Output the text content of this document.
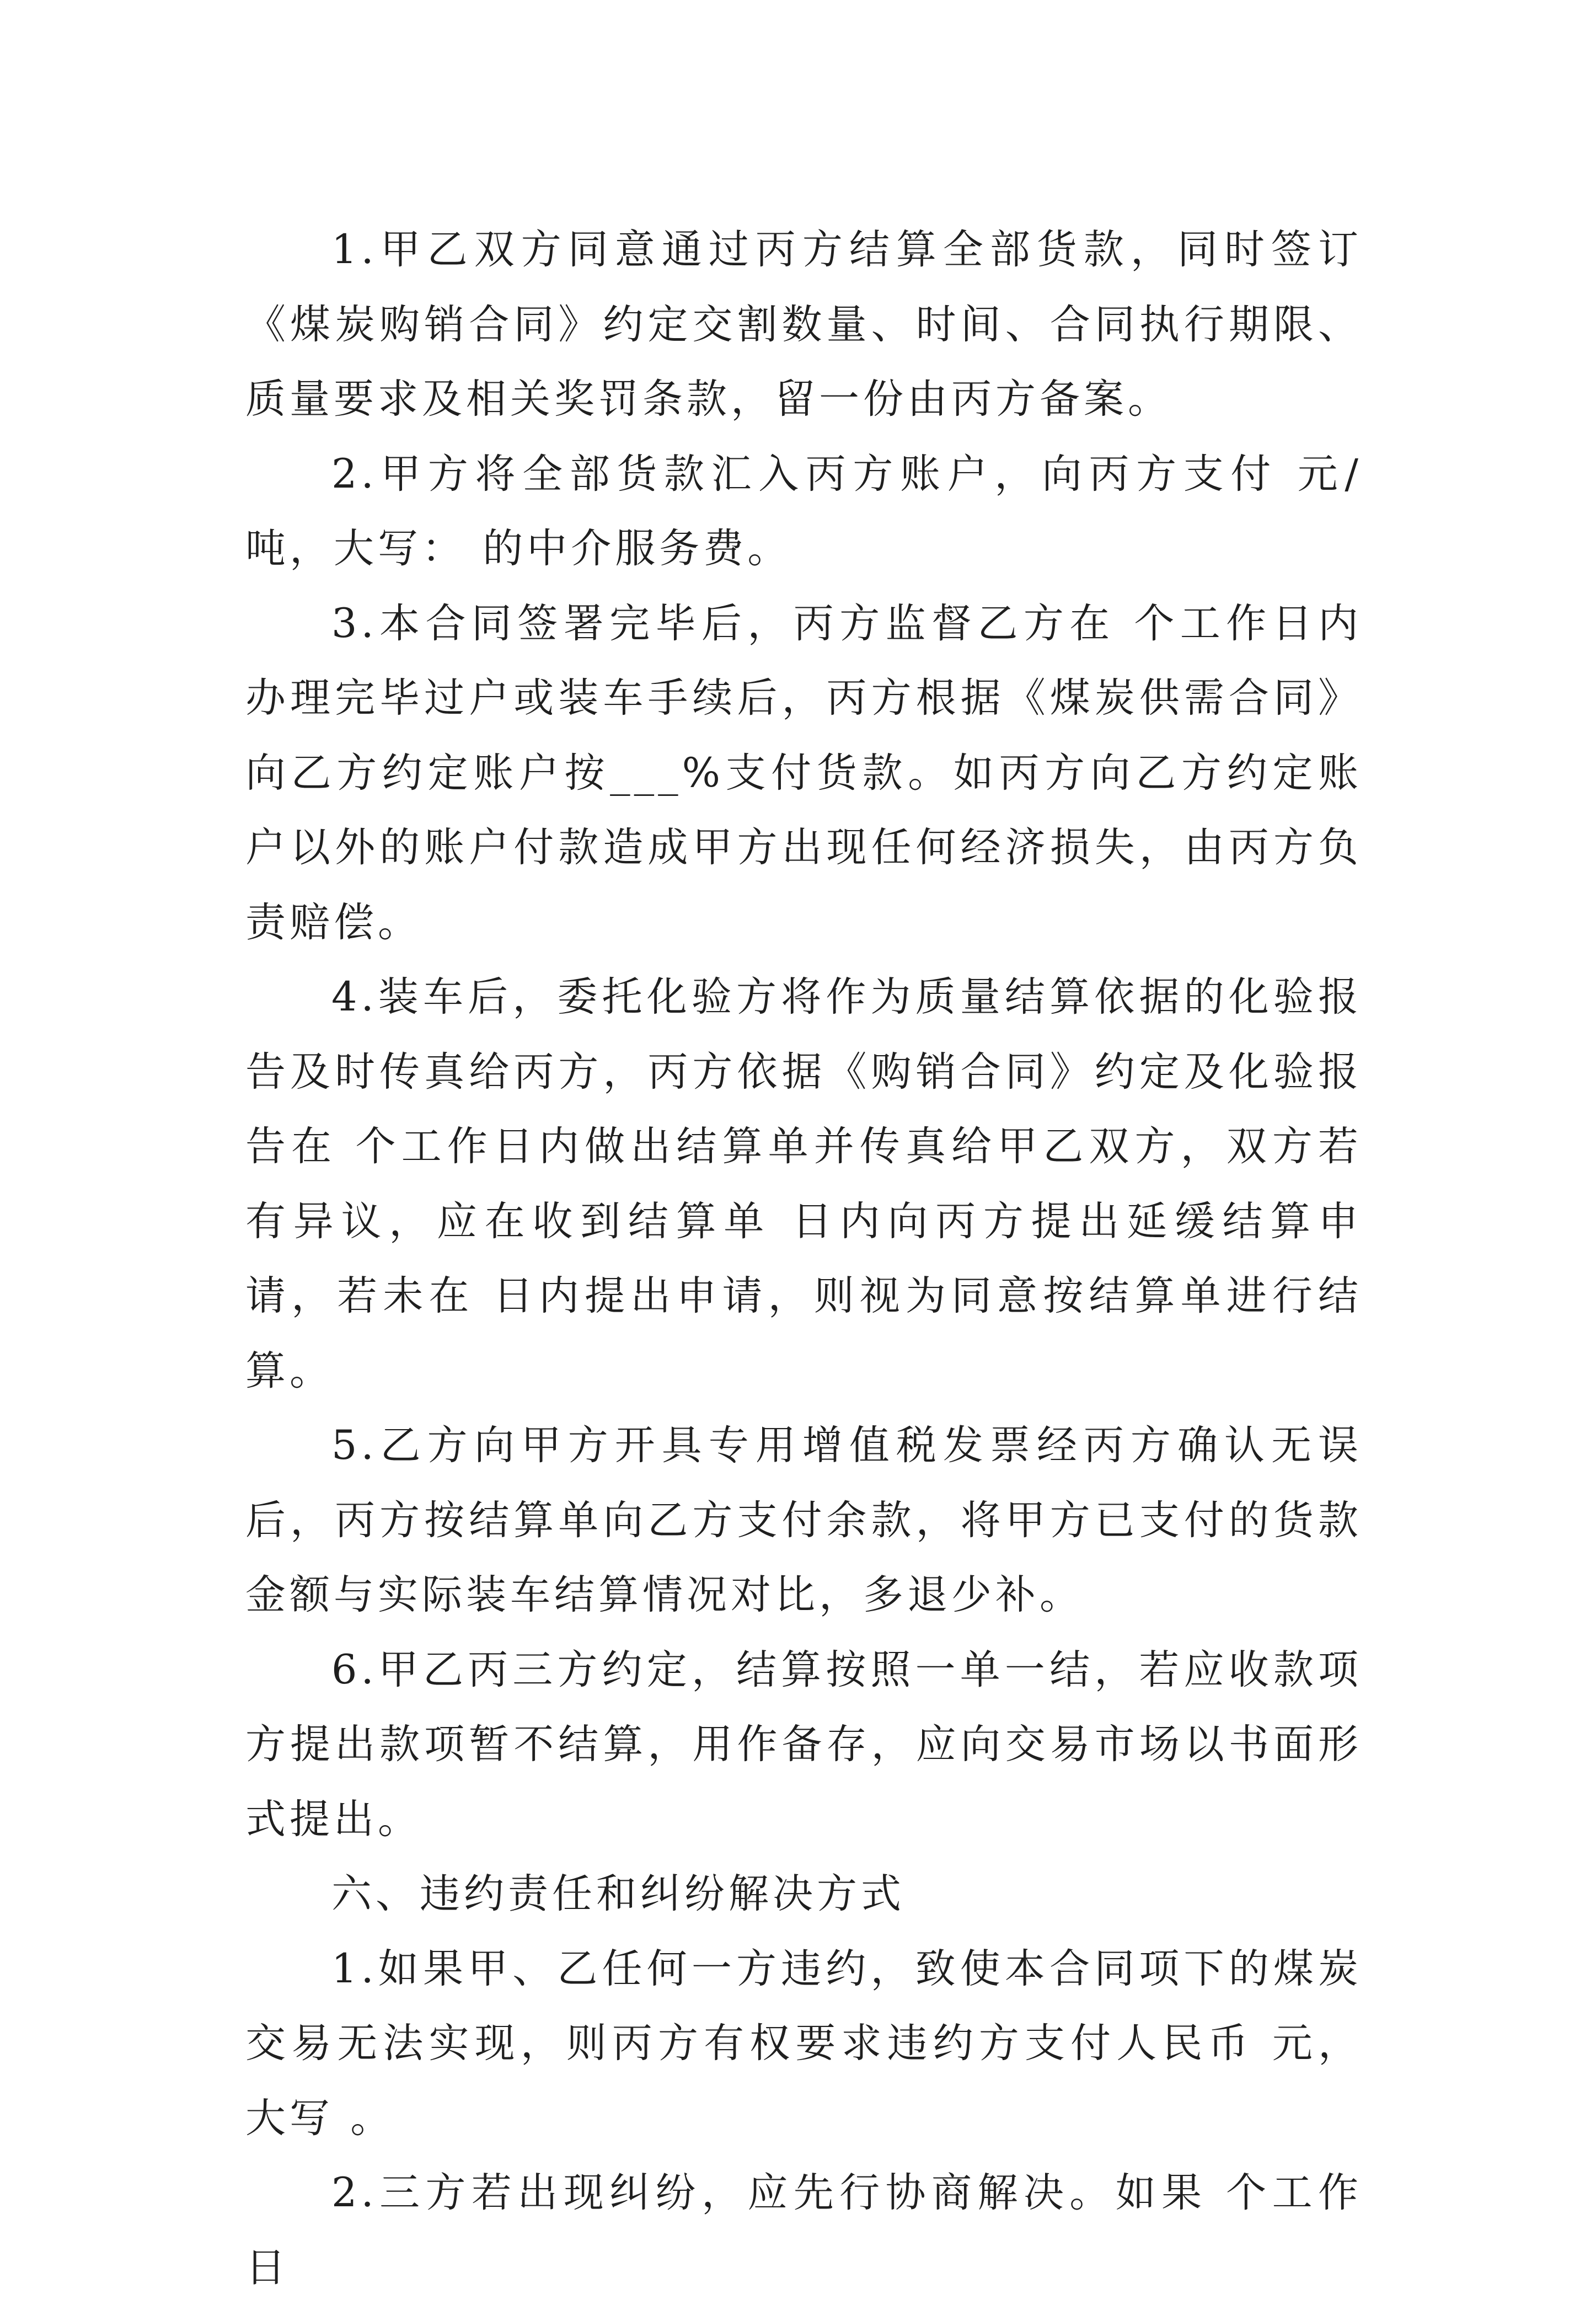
1.甲乙双方同意通过丙方结算全部货款，同时签订《煤炭购销合同》约定交割数量、时间、合同执行期限、质量要求及相关奖罚条款，留一份由丙方备案。

2.甲方将全部货款汇入丙方账户，向丙方支付 元/吨，大写： 的中介服务费。

3.本合同签署完毕后，丙方监督乙方在 个工作日内办理完毕过户或装车手续后，丙方根据《煤炭供需合同》向乙方约定账户按___%支付货款。如丙方向乙方约定账户以外的账户付款造成甲方出现任何经济损失，由丙方负责赔偿。

4.装车后，委托化验方将作为质量结算依据的化验报告及时传真给丙方，丙方依据《购销合同》约定及化验报告在 个工作日内做出结算单并传真给甲乙双方，双方若有异议，应在收到结算单 日内向丙方提出延缓结算申请，若未在 日内提出申请，则视为同意按结算单进行结算。

5.乙方向甲方开具专用增值税发票经丙方确认无误后，丙方按结算单向乙方支付余款，将甲方已支付的货款金额与实际装车结算情况对比，多退少补。

6.甲乙丙三方约定，结算按照一单一结，若应收款项方提出款项暂不结算，用作备存，应向交易市场以书面形式提出。

六、违约责任和纠纷解决方式

1.如果甲、乙任何一方违约，致使本合同项下的煤炭交易无法实现，则丙方有权要求违约方支付人民币 元，大写 。

2.三方若出现纠纷，应先行协商解决。如果 个工作日
